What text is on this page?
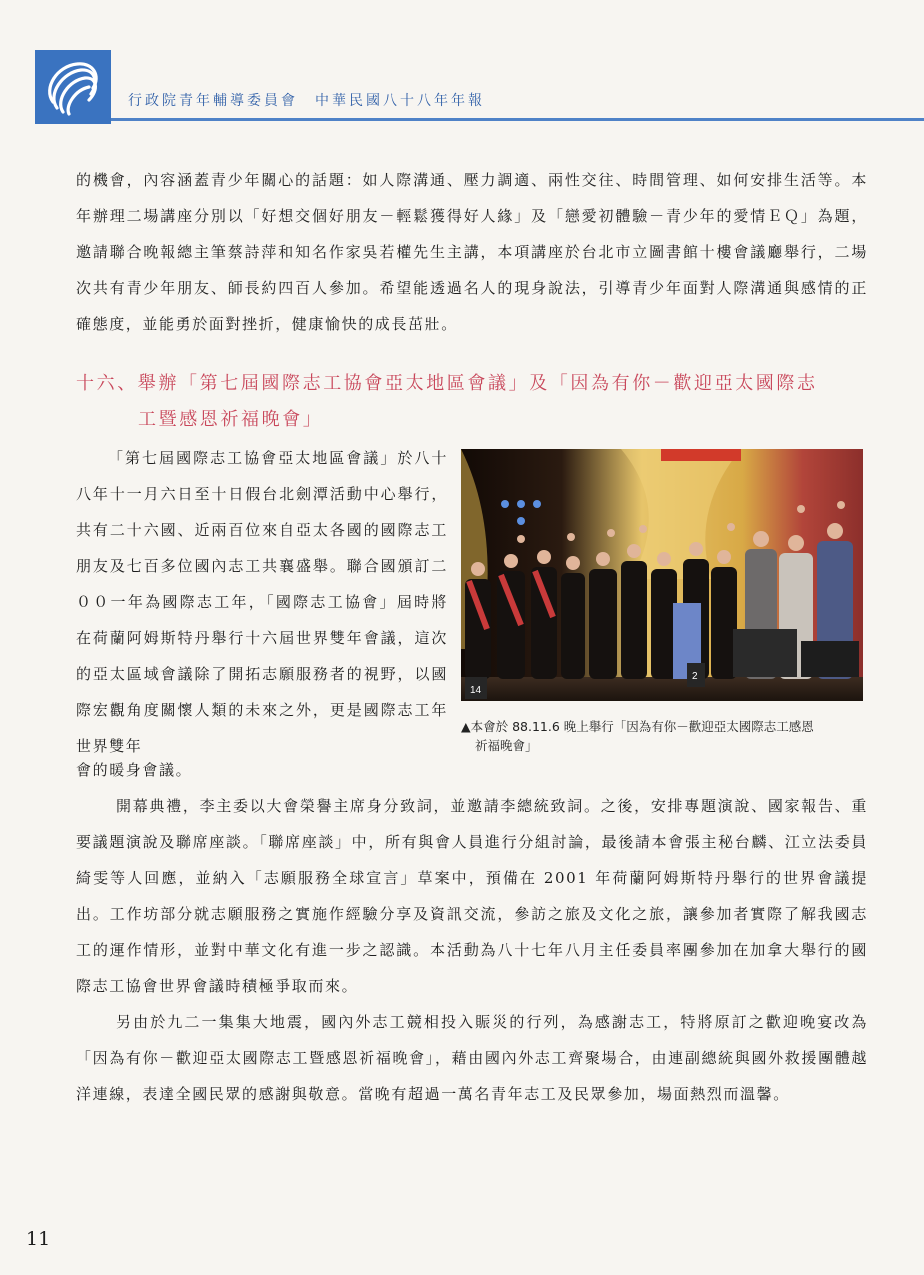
行政院青年輔導委員會　中華民國八十八年年報

的機會，內容涵蓋青少年關心的話題：如人際溝通、壓力調適、兩性交往、時間管理、如何安排生活等。本年辦理二場講座分別以「好想交個好朋友－輕鬆獲得好人緣」及「戀愛初體驗－青少年的愛情ＥＱ」為題，邀請聯合晚報總主筆蔡詩萍和知名作家吳若權先生主講，本項講座於台北市立圖書館十樓會議廳舉行，二場次共有青少年朋友、師長約四百人參加。希望能透過名人的現身說法，引導青少年面對人際溝通與感情的正確態度，並能勇於面對挫折，健康愉快的成長茁壯。

十六、舉辦「第七屆國際志工協會亞太地區會議」及「因為有你－歡迎亞太國際志
工暨感恩祈福晚會」

「第七屆國際志工協會亞太地區會議」於八十八年十一月六日至十日假台北劍潭活動中心舉行，共有二十六國、近兩百位來自亞太各國的國際志工朋友及七百多位國內志工共襄盛舉。聯合國頒訂二００一年為國際志工年，「國際志工協會」屆時將在荷蘭阿姆斯特丹舉行十六屆世界雙年會議，這次的亞太區域會議除了開拓志願服務者的視野，以國際宏觀角度關懷人類的未來之外，更是國際志工年世界雙年

會的暖身會議。

14
2
▲本會於 88.11.6 晚上舉行「因為有你－歡迎亞太國際志工感恩
祈福晚會」

開幕典禮，李主委以大會榮譽主席身分致詞，並邀請李總統致詞。之後，安排專題演說、國家報告、重要議題演說及聯席座談。「聯席座談」中，所有與會人員進行分組討論，最後請本會張主秘台麟、江立法委員綺雯等人回應，並納入「志願服務全球宣言」草案中，預備在 2001 年荷蘭阿姆斯特丹舉行的世界會議提出。工作坊部分就志願服務之實施作經驗分享及資訊交流，參訪之旅及文化之旅，讓參加者實際了解我國志工的運作情形，並對中華文化有進一步之認識。本活動為八十七年八月主任委員率團參加在加拿大舉行的國際志工協會世界會議時積極爭取而來。

另由於九二一集集大地震，國內外志工競相投入賑災的行列，為感謝志工，特將原訂之歡迎晚宴改為「因為有你－歡迎亞太國際志工暨感恩祈福晚會」，藉由國內外志工齊聚場合，由連副總統與國外救援團體越洋連線，表達全國民眾的感謝與敬意。當晚有超過一萬名青年志工及民眾參加，場面熱烈而溫馨。

11
